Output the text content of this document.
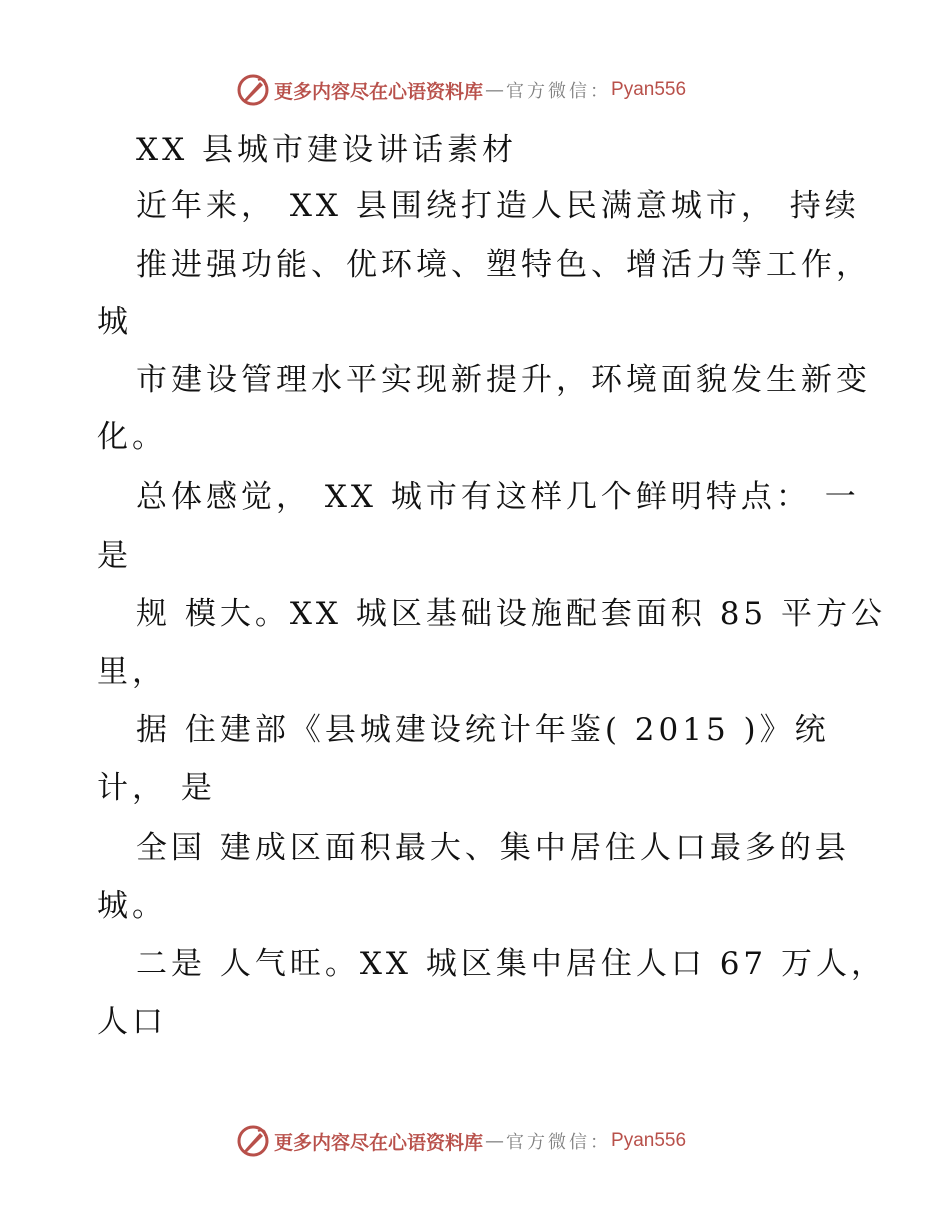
更多内容尽在心语资料库 — 官方微信： Pyan556
XX 县城市建设讲话素材
近年来， XX 县围绕打造人民满意城市， 持续
推进强功能、优环境、塑特色、增活力等工作，
城
市建设管理水平实现新提升，环境面貌发生新变
化。
总体感觉， XX 城市有这样几个鲜明特点： 一
是
规 模大。XX 城区基础设施配套面积 85 平方公
里，
据 住建部《县城建设统计年鉴( 2015 )》统
计， 是
全国 建成区面积最大、集中居住人口最多的县
城。
二是 人气旺。XX 城区集中居住人口 67 万人，
人口
更多内容尽在心语资料库 — 官方微信： Pyan556
